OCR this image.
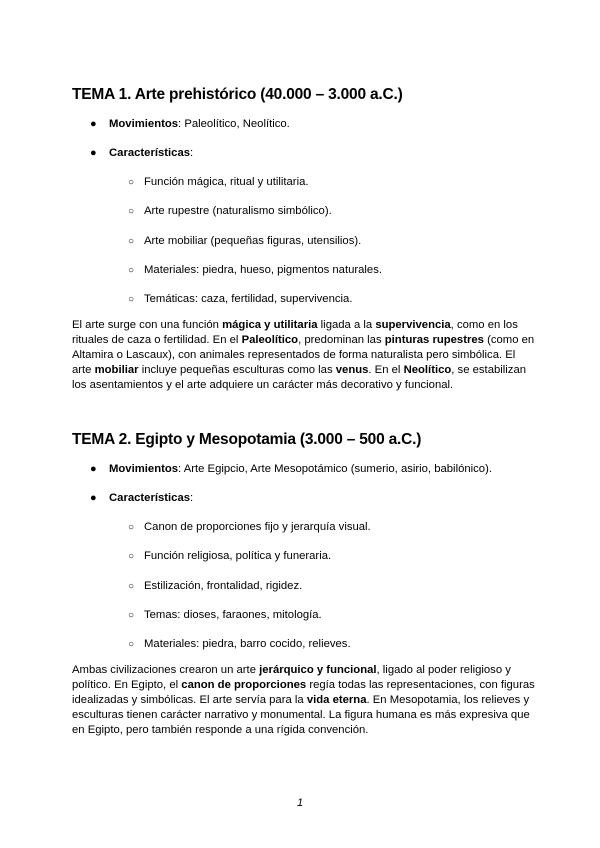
TEMA 1. Arte prehistórico (40.000 – 3.000 a.C.)
● Movimientos: Paleolítico, Neolítico.
● Características:
○ Función mágica, ritual y utilitaria.
○ Arte rupestre (naturalismo simbólico).
○ Arte mobiliar (pequeñas figuras, utensilios).
○ Materiales: piedra, hueso, pigmentos naturales.
○ Temáticas: caza, fertilidad, supervivencia.
El arte surge con una función mágica y utilitaria ligada a la supervivencia, como en los
rituales de caza o fertilidad. En el Paleolítico, predominan las pinturas rupestres (como en
Altamira o Lascaux), con animales representados de forma naturalista pero simbólica. El
arte mobiliar incluye pequeñas esculturas como las venus. En el Neolítico, se estabilizan
los asentamientos y el arte adquiere un carácter más decorativo y funcional.
TEMA 2. Egipto y Mesopotamia (3.000 – 500 a.C.)
● Movimientos: Arte Egipcio, Arte Mesopotámico (sumerio, asirio, babilónico).
● Características:
○ Canon de proporciones fijo y jerarquía visual.
○ Función religiosa, política y funeraria.
○ Estilización, frontalidad, rigidez.
○ Temas: dioses, faraones, mitología.
○ Materiales: piedra, barro cocido, relieves.
Ambas civilizaciones crearon un arte jerárquico y funcional, ligado al poder religioso y
político. En Egipto, el canon de proporciones regía todas las representaciones, con figuras
idealizadas y simbólicas. El arte servía para la vida eterna. En Mesopotamia, los relieves y
esculturas tienen carácter narrativo y monumental. La figura humana es más expresiva que
en Egipto, pero también responde a una rígida convención.
1
